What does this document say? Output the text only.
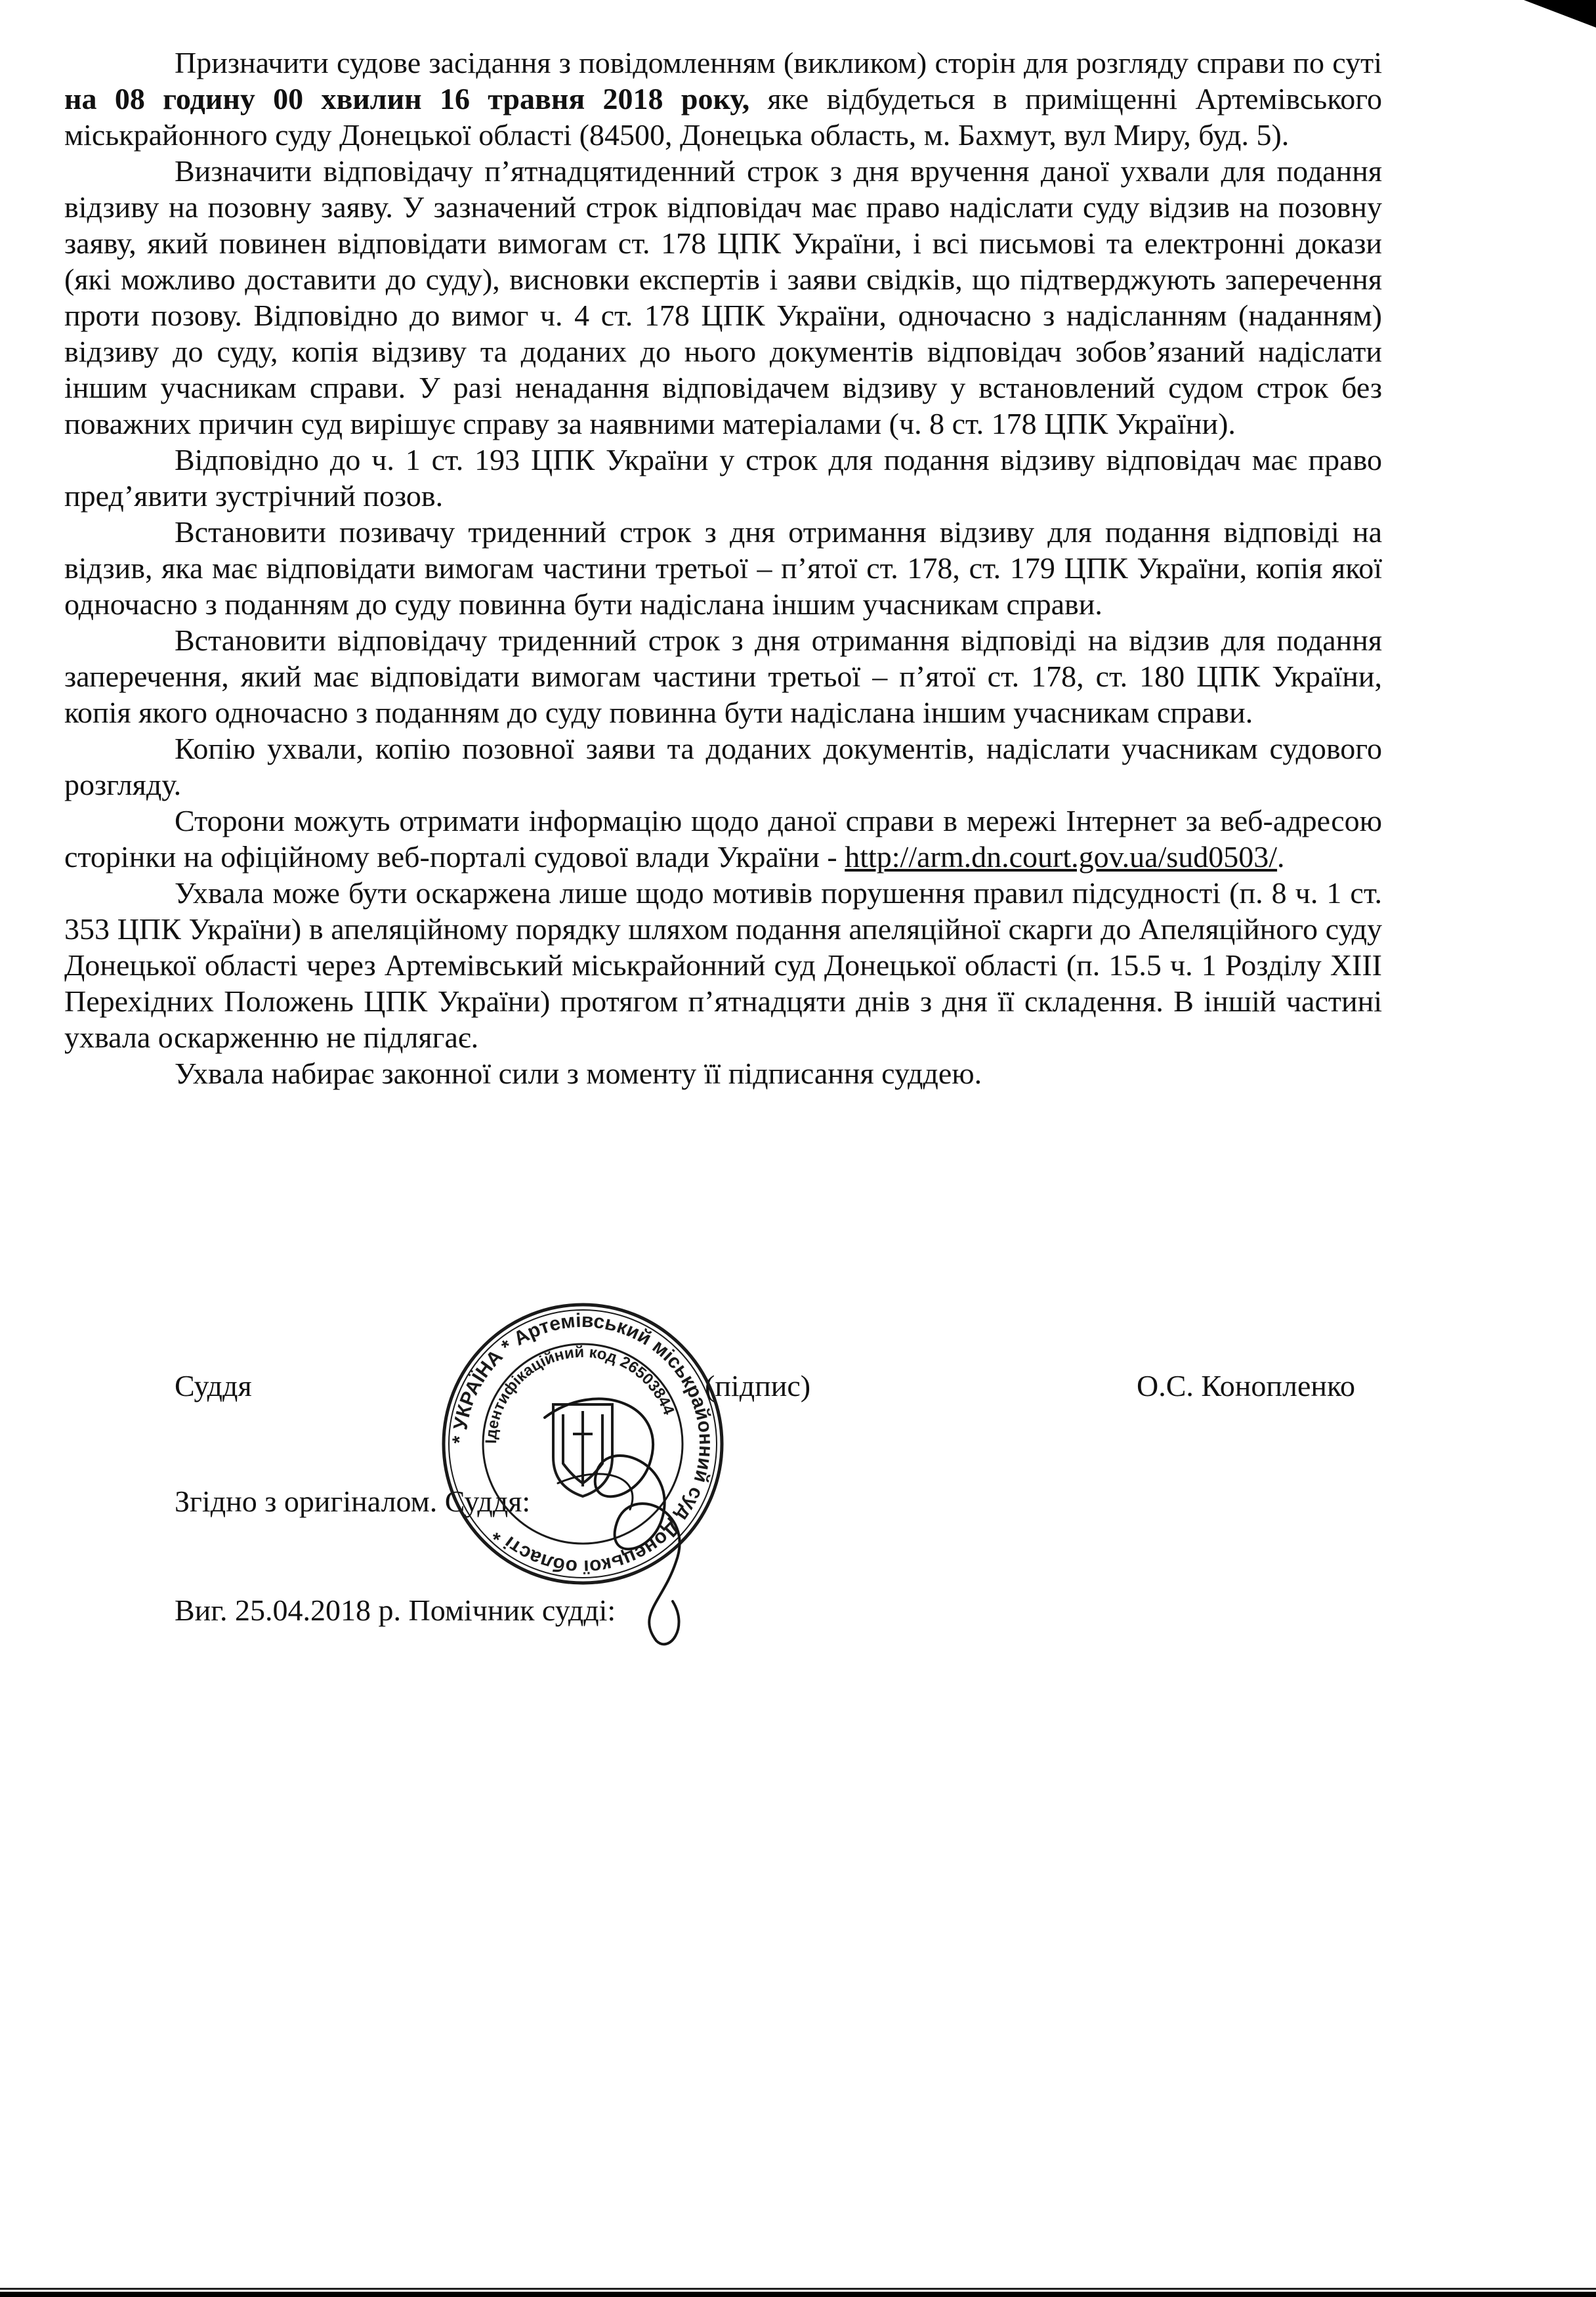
Призначити судове засідання з повідомленням (викликом) сторін для розгляду справи по суті на 08 годину 00 хвилин 16 травня 2018 року, яке відбудеться в приміщенні Артемівського міськрайонного суду Донецької області (84500, Донецька область, м. Бахмут, вул Миру, буд. 5).

Визначити відповідачу п’ятнадцятиденний строк з дня вручення даної ухвали для подання відзиву на позовну заяву. У зазначений строк відповідач має право надіслати суду відзив на позовну заяву, який повинен відповідати вимогам ст. 178 ЦПК України, і всі письмові та електронні докази (які можливо доставити до суду), висновки експертів і заяви свідків, що підтверджують заперечення проти позову. Відповідно до вимог ч. 4 ст. 178 ЦПК України, одночасно з надісланням (наданням) відзиву до суду, копія відзиву та доданих до нього документів відповідач зобов’язаний надіслати іншим учасникам справи. У разі ненадання відповідачем відзиву у встановлений судом строк без поважних причин суд вирішує справу за наявними матеріалами (ч. 8 ст. 178 ЦПК України).

Відповідно до ч. 1 ст. 193 ЦПК України у строк для подання відзиву відповідач має право пред’явити зустрічний позов.

Встановити позивачу триденний строк з дня отримання відзиву для подання відповіді на відзив, яка має відповідати вимогам частини третьої – п’ятої ст. 178, ст. 179 ЦПК України, копія якої одночасно з поданням до суду повинна бути надіслана іншим учасникам справи.

Встановити відповідачу триденний строк з дня отримання відповіді на відзив для подання заперечення, який має відповідати вимогам частини третьої – п’ятої ст. 178, ст. 180 ЦПК України, копія якого одночасно з поданням до суду повинна бути надіслана іншим учасникам справи.

Копію ухвали, копію позовної заяви та доданих документів, надіслати учасникам судового розгляду.

Сторони можуть отримати інформацію щодо даної справи в мережі Інтернет за веб-адресою сторінки на офіційному веб-порталі судової влади України - http://arm.dn.court.gov.ua/sud0503/.

Ухвала може бути оскаржена лише щодо мотивів порушення правил підсудності (п. 8 ч. 1 ст. 353 ЦПК України) в апеляційному порядку шляхом подання апеляційної скарги до Апеляційного суду Донецької області через Артемівський міськрайонний суд Донецької області (п. 15.5 ч. 1 Розділу XIII Перехідних Положень ЦПК України) протягом п’ятнадцяти днів з дня її складення. В іншій частині ухвала оскарженню не підлягає.

Ухвала набирає законної сили з моменту її підписання суддею.

Суддя	(підпис)	О.С. Конопленко
Згідно з оригіналом. Суддя:
Виг. 25.04.2018 р. Помічник судді:
* УКРАЇНА * Артемівський міськрайонний суд Донецької області *
Ідентифікаційний код 26503844
